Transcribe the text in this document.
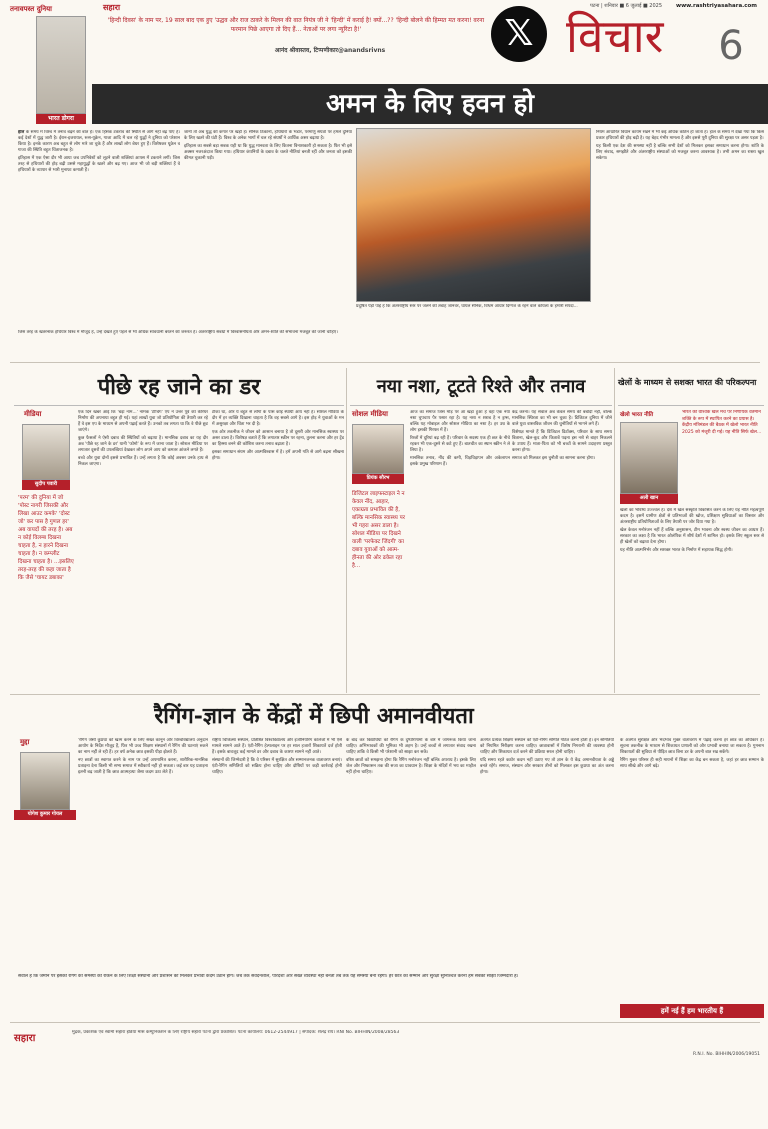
तनावपस्त दुनिया
भारत डोगरा
सहारा	पटना | शनिवार ■ 6 जुलाई ■ 2025	www.rashtriyasahara.com
'हिन्दी दिवस' के नाम पर, 19 साल बाद एक हुए 'उद्धव और राज ठाकरे के मिलन की वात नियंत्र जी ने 'हिन्दी' में कराई है! क्यों...?? 'हिन्दी बोलने की हिम्मत मत करना! वरना फरमान पिछे आएगा तो दिए हैं... नेताओं पर लगा न्यूरिटा है!'
आनंद श्रीवास्तव, टिप्पणीकार@anandsrivns	𝕏 विचार	6
अमन के लिए हवन हो

हाल के समय में विश्व में तनाव बढ़ने की बात है। एक हिंसक टकराव की स्थिति से आगे नहीं बढ़ पाए हैं। कई देशों में युद्ध जारी है। ईरान-इजरायल, रूस-यूक्रेन, गाजा आदि में चल रहे युद्धों ने दुनिया को परेशान किया है। इनके कारण अब बहुत से लोग मारे जा चुके हैं और लाखों लोग बेघर हुए हैं। विशेषकर यूक्रेन व गाजा की स्थिति बहुत चिंताजनक है।

इतिहास में एक ऐसा दौर भी आया जब उपनिवेशों को लूटने वाली शक्तियां आपस में टकराने लगीं। जिस तरह से हथियारों की होड़ बढ़ी उससे महायुद्धों के खतरे और बढ़ गए। आज भी जो बड़ी शक्तियां हैं वे हथियारों के व्यापार से भारी मुनाफा कमाती हैं।

जानी तो अब युद्ध की कगार पर खड़ी है। सैनिक ठिकानों, हथियारों के भंडार, परमाणु संयंत्रों पर हमले दुनिया के लिए खतरे की घंटी हैं। विश्व के अनेक भागों में चल रहे संघर्षों ने आर्थिक असर बढ़ाया है।

इतिहास का सबसे बड़ा सबक यही था कि युद्ध मानवता के लिए कितना विनाशकारी हो सकता है। फिर भी इसे अक्सर नजरअंदाज किया गया। हथियार कंपनियों के दबाव के चलते नीतियां बनती रहीं और जनता को इसकी कीमत चुकानी पड़ी।

प्रदूषित पेड़ों पाई है कि अंतरराष्ट्रीय स्तर पर जलने की तबाह जानवर, घायल सैनिक, विभ्रम आधार दिग्गज के रहने वाले कोयला के हमारी संपदा...

नियम आधारित विधान कायम रखने में भी कई अधिक कठिन हो जाता है। हाल के समय में देखा गया कि किस प्रकार हथियारों की होड़ बढ़ी है। यह बेहद गंभीर मामला है और इससे पूरी दुनिया की सुरक्षा पर असर पड़ता है।

यह किसी एक देश की समस्या नहीं है बल्कि सभी देशों को मिलकर इसका समाधान करना होगा। शांति के लिए संवाद, समझौते और अंतरराष्ट्रीय संस्थाओं को मजबूत करना आवश्यक है। तभी अमन का रास्ता खुल सकेगा।

जिस तरह के खतरनाक हथियार विश्व में मौजूद हैं, उन्हें देखते हुए पहले से भी अधिक सावधानी बरतने की जरूरत है। अंतरराष्ट्रीय संबंधों में विश्वासनीयता और अमन-शांति की संभावना मजबूत की जानी चाहिए।

पीछे रह जाने का डर
मीडिया
सुदीप पवारी
'परम' की दुनिया में जो 'पोस्ट नागरी जिसकी और लिखा आउट कमके' 'दोस्ट जो' कर पास है गुणल हर' अब वायदों की तरह है। अब न कोई विलम्ब दिखना चाहता है, न हारने दिखना चाहता है। न कम्प्लीट दिखना चाहता है। ...इसलिए तरह-तरह की कहा जाता है कि जैसे 'चायट डबाका'

एक दिन खबर आई कि 'बड़ा नाम...' नामक 'टीचिंग' एप ने उत्तर पूर्व की कैरियर निर्माण की अपनाया बहुत ही गई। यहां लाखों युवा जो प्रतियोगिता की तैयारी कर रहे हैं वे इस एप के माध्यम से अपनी पढ़ाई करते हैं। उनको तब लगता था कि वे पीछे छूट जाएंगे।

कुछ फैसलों ने ऐसी दबाव की स्थितियों को बढ़ाया है। मानसिक दबाव का यह दौर अब 'पीछे रह जाने के डर' यानी 'फोमो' के रूप में जाना जाता है। सोशल मीडिया पर लगातार दूसरों की उपलब्धियां देखकर लोग अपने आप को कमतर आंकने लगते हैं।

बच्चे और युवा दोनों इससे प्रभावित हैं। उन्हें लगता है कि कोई अवसर उनके हाथ से निकल जाएगा।

टीका था, और ये बहुत से लोगों के पास कोई स्थायी आय नहीं है। सोशल मीडिया के दौर में हर व्यक्ति दिखाना चाहता है कि वह सबसे आगे है। इस होड़ ने युवाओं के मन में असुरक्षा और चिंता भर दी है।

एक ओर तकनीक ने जीवन को आसान बनाया है तो दूसरी ओर मानसिक स्वास्थ्य पर असर डाला है। विशेषज्ञ बताते हैं कि लगातार स्क्रीन पर रहना, तुलना करना और हर ट्रेंड का हिस्सा बनने की कोशिश करना तनाव बढ़ाता है।

इसका समाधान संयम और आत्मविश्वास में है। हमें अपनी गति से आगे बढ़ना सीखना होगा।

नया नशा, टूटते रिश्ते और तनाव
सोशल मीडिया
प्रियंक सौरभ
डिजिटल लाइफस्टाइल ने न केवल नींद, आहार, एकाग्रता प्रभावित की है, बल्कि मानसिक स्वास्थ्य पर भी गहरा असर डाला है। सोशल मीडिया पर दिखने वाली 'परफेक्ट जिंदगी' का दबाव युवाओं को आत्म-हीनता की ओर ढकेल रहा है...

आज का समाज जिस मोड़ पर आ खड़ा हुआ है वहां एक नया नशा चुपचाप पैर पसार रहा है। यह नशा न शराब है न ड्रग्स, बल्कि यह मोबाइल और सोशल मीडिया का नशा है। हर उम्र के लोग इसकी गिरफ्त में हैं।

रिश्तों में दूरियां बढ़ रही हैं। परिवार के सदस्य एक ही छत के नीचे रहकर भी एक-दूसरे से कटे हुए हैं। बातचीत का स्थान स्क्रीन ने ले लिया है।

मानसिक तनाव, नींद की कमी, चिड़चिड़ापन और अकेलापन इसके प्रमुख परिणाम हैं।

केंद्र करना। यह सवाल अब केवल समय की बर्बादी नहीं, बल्कि मानसिक स्थिरता का भी बन चुका है। डिजिटल दुनिया में जीने वाले युवा वास्तविक जीवन की चुनौतियों से भागने लगे हैं।

विशेषज्ञ मानते हैं कि डिजिटल डिटॉक्स, परिवार के साथ समय बिताना, खेल-कूद और किताबें पढ़ना इस नशे से बाहर निकलने के उपाय हैं। माता-पिता को भी बच्चों के सामने उदाहरण प्रस्तुत करना होगा।

समाज को मिलकर इस चुनौती का सामना करना होगा।

खेलों के माध्यम से सशक्त भारत की परिकल्पना
खेलो भारत नीति
अली खान
भारत को वैश्विक खेल मंच पर निर्णायक वर्तमान शक्ति के रूप में स्थापित करने का प्रयास है। केंद्रीय मंत्रिमंडल की बैठक में खेलो भारत नीति 2025 को मंजूरी दी गई। यह नीति सिर्फ खेल...

खेलों का भविष्य उज्ज्वल है। देश में खेल संस्कृति विकसित करने के लिए यह नीति महत्वपूर्ण कदम है। इसमें ग्रामीण क्षेत्रों से प्रतिभाओं की खोज, प्रशिक्षण सुविधाओं का विस्तार और अंतरराष्ट्रीय प्रतियोगिताओं के लिए तैयारी पर जोर दिया गया है।

खेल केवल मनोरंजन नहीं हैं बल्कि अनुशासन, टीम भावना और स्वस्थ जीवन का आधार हैं। सरकार का लक्ष्य है कि भारत ओलंपिक में शीर्ष देशों में शामिल हो। इसके लिए स्कूल स्तर से ही खेलों को बढ़ावा देना होगा।

यह नीति आत्मनिर्भर और सशक्त भारत के निर्माण में सहायक सिद्ध होगी।

रैगिंग-ज्ञान के केंद्रों में छिपी अमानवीयता
मुद्दा
योगेश कुमार गोयल

'रैगिंग जैसी कुप्रथा को खत्म करने के लिए सख्त कानून और विश्वविद्यालय अनुदान आयोग के निर्देश मौजूद हैं, फिर भी उच्च शिक्षण संस्थानों में रैगिंग की घटनाएं रुकने का नाम नहीं ले रही हैं। हर वर्ष अनेक छात्र इसकी पीड़ा झेलते हैं।

नए छात्रों का स्वागत करने के नाम पर उन्हें अपमानित करना, शारीरिक-मानसिक प्रताड़ना देना किसी भी सभ्य समाज में स्वीकार्य नहीं हो सकता। कई बार यह प्रताड़ना इतनी बढ़ जाती है कि छात्र आत्महत्या जैसा कदम उठा लेते हैं।

राष्ट्रीय चिकित्सा संस्थान, प्रतिष्ठित विश्वविद्यालय और इंजीनियरिंग कॉलेजों में भी ऐसे मामले सामने आते हैं। एंटी-रैगिंग हेल्पलाइन पर हर साल हजारों शिकायतें दर्ज होती हैं। इसके बावजूद कई मामले डर और दबाव के कारण सामने नहीं आते।

संस्थानों की जिम्मेदारी है कि वे परिसर में सुरक्षित और सम्मानजनक वातावरण बनाएं। एंटी-रैगिंग समितियों को सक्रिय होना चाहिए और दोषियों पर कड़ी कार्रवाई होनी चाहिए।

के बाद कर विद्यार्थियों को रैगिंग के दुष्परिणामों के बारे में जागरूक किया जाना चाहिए। अभिभावकों की भूमिका भी अहम है। उन्हें बच्चों से लगातार संवाद रखना चाहिए ताकि वे किसी भी परेशानी को साझा कर सकें।

वरिष्ठ छात्रों को समझना होगा कि रैगिंग मनोरंजन नहीं बल्कि अपराध है। इसके लिए जेल और निष्कासन तक की सजा का प्रावधान है। शिक्षा के मंदिरों में भय का माहौल नहीं होना चाहिए।

अंतर्गत प्रत्येक शिक्षण संस्थान को एंटी-रैगिंग समिति गठित करनी होती है। इन समितियों को नियमित निरीक्षण करना चाहिए। छात्रावासों में विशेष निगरानी की व्यवस्था होनी चाहिए और शिकायत दर्ज करने की प्रक्रिया सरल होनी चाहिए।

यदि समय रहते कठोर कदम नहीं उठाए गए तो ज्ञान के ये केंद्र अमानवीयता के अड्डे बनते रहेंगे। समाज, संस्थान और सरकार तीनों को मिलकर इस कुप्रथा का अंत करना होगा।

के अंतर्गत सुरक्षित और भेदभाव मुक्त वातावरण में पढ़ाई करना हर छात्र का अधिकार है। सूचना तकनीक के माध्यम से शिकायत प्रणाली को और प्रभावी बनाया जा सकता है। गुमनाम शिकायतों की सुविधा से पीड़ित छात्र बिना डर के अपनी बात रख सकेंगे।

रैगिंग मुक्त परिसर ही सही मायनों में शिक्षा का केंद्र बन सकता है, जहां हर छात्र सम्मान के साथ सीखे और आगे बढ़े।

सवाल है कि जमीन पर इसकी रैगिंग की समस्या को रोकने के लिए शिक्षा संस्थानों और प्रशासन को मिलकर प्रभावी कदम उठाने होंगे। जब तक संवेदनशील, पारदर्शी और सख्त व्यवस्था नहीं बनती तब तक यह समस्या बनी रहेगी। हर छात्र का सम्मान और सुरक्षा सुनिश्चित करना हम सबकी साझा जिम्मेदारी है।

हमें नई हैं हम भारतीय हैं
सहारा
मुद्रक, प्रकाशक एवं स्वामी सहारा इंडिया मास कम्युनिकेशन के लिए राष्ट्रीय सहारा पटना द्वारा प्रकाशित। पटना कार्यालय: 0612-2544917 | संपादक: शैलेंद्र राय। RNI No. BIHHIN/2008/28563
R.N.I. No. BIHHIN/2006/19051
